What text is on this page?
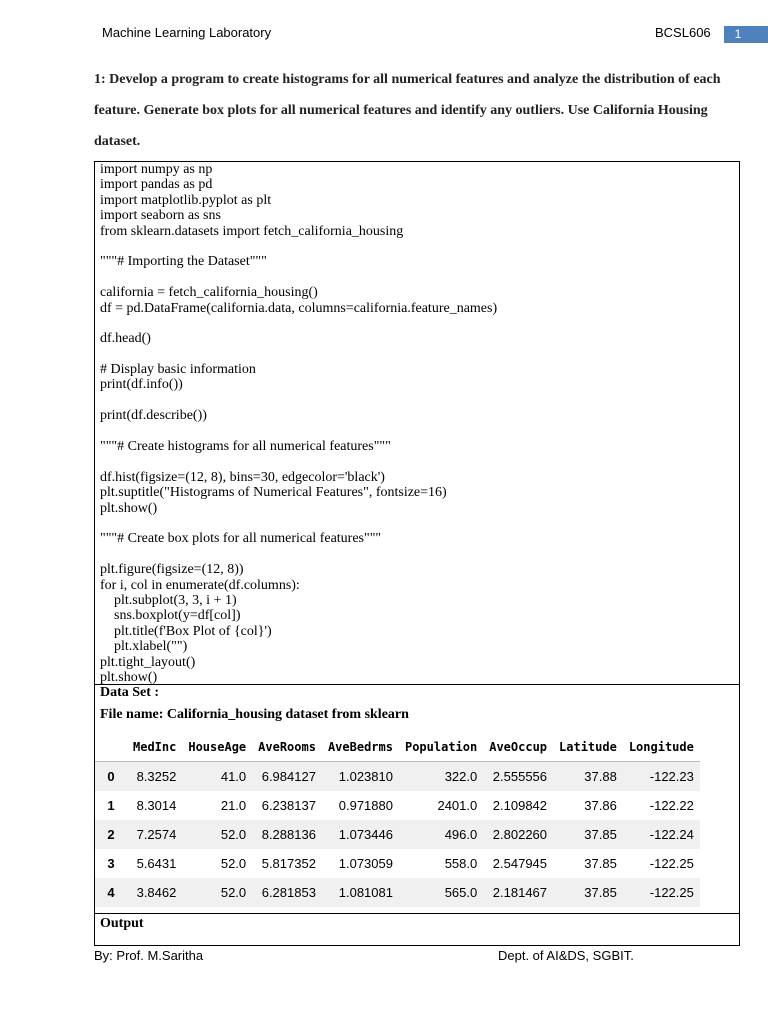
Machine Learning Laboratory	BCSL606	1
1: Develop a program to create histograms for all numerical features and analyze the distribution of each feature. Generate box plots for all numerical features and identify any outliers. Use California Housing dataset.
import numpy as np
import pandas as pd
import matplotlib.pyplot as plt
import seaborn as sns
from sklearn.datasets import fetch_california_housing
"""# Importing the Dataset"""
california = fetch_california_housing()
df = pd.DataFrame(california.data, columns=california.feature_names)
df.head()
# Display basic information
print(df.info())
print(df.describe())
"""# Create histograms for all numerical features"""
df.hist(figsize=(12, 8), bins=30, edgecolor='black')
plt.suptitle("Histograms of Numerical Features", fontsize=16)
plt.show()
"""# Create box plots for all numerical features"""
plt.figure(figsize=(12, 8))
for i, col in enumerate(df.columns):
plt.subplot(3, 3, i + 1)
sns.boxplot(y=df[col])
plt.title(f'Box Plot of {col}')
plt.xlabel("")
plt.tight_layout()
plt.show()
Data Set :
File name: California_housing dataset from sklearn
	MedInc	HouseAge	AveRooms	AveBedrms	Population	AveOccup	Latitude	Longitude
0	8.3252	41.0	6.984127	1.023810	322.0	2.555556	37.88	-122.23
1	8.3014	21.0	6.238137	0.971880	2401.0	2.109842	37.86	-122.22
2	7.2574	52.0	8.288136	1.073446	496.0	2.802260	37.85	-122.24
3	5.6431	52.0	5.817352	1.073059	558.0	2.547945	37.85	-122.25
4	3.8462	52.0	6.281853	1.081081	565.0	2.181467	37.85	-122.25
Output
By: Prof. M.Saritha	Dept. of AI&DS, SGBIT.
